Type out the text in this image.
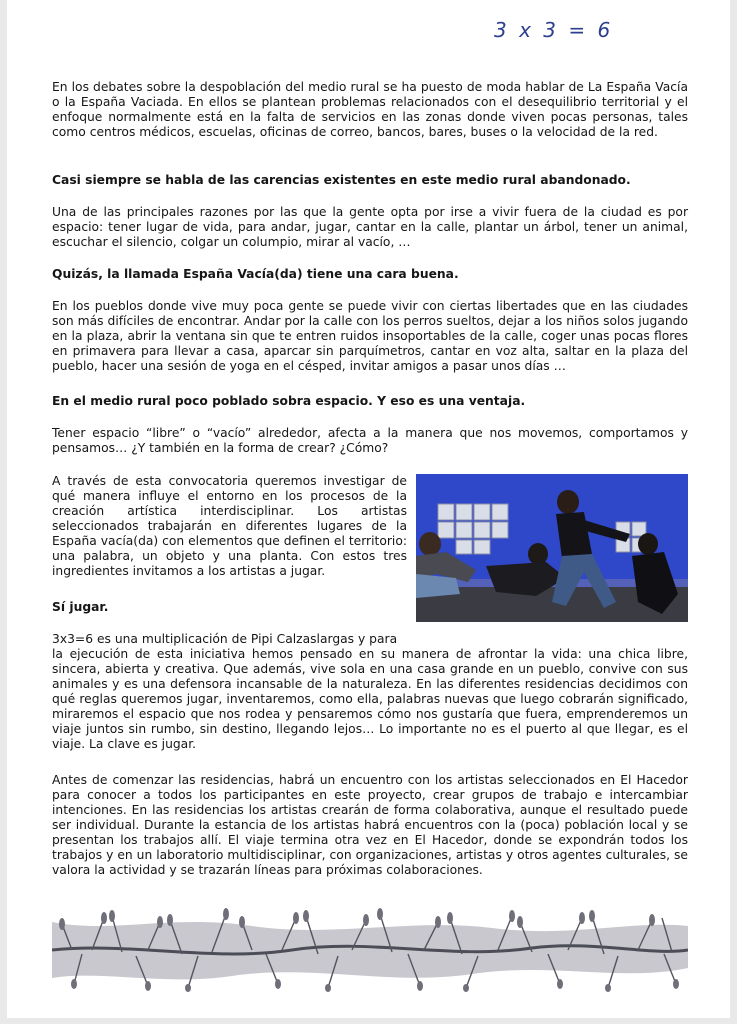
3 x 3 = 6

En los debates sobre la despoblación del medio rural se ha puesto de moda hablar de La España Vacía o la España Vaciada. En ellos se plantean problemas relacionados con el desequilibrio territorial y el enfoque normalmente está en la falta de servicios en las zonas donde viven pocas personas, tales como centros médicos, escuelas, oficinas de correo, bancos, bares, buses o la velocidad de la red.

Casi siempre se habla de las carencias existentes en este medio rural abandonado.

Una de las principales razones por las que la gente opta por irse a vivir fuera de la ciudad es por espacio: tener lugar de vida, para andar, jugar, cantar en la calle, plantar un árbol, tener un animal, escuchar el silencio, colgar un columpio, mirar al vacío, …

Quizás, la llamada España Vacía(da) tiene una cara buena.

En los pueblos donde vive muy poca gente se puede vivir con ciertas libertades que en las ciudades son más difíciles de encontrar. Andar por la calle con los perros sueltos, dejar a los niños solos jugando en la plaza, abrir la ventana sin que te entren ruidos insoportables de la calle, coger unas pocas flores en primavera para llevar a casa, aparcar sin parquímetros, cantar en voz alta, saltar en la plaza del pueblo, hacer una sesión de yoga en el césped, invitar amigos a pasar unos días …

En el medio rural poco poblado sobra espacio. Y eso es una ventaja.

Tener espacio “libre” o “vacío” alrededor, afecta a la manera que nos movemos, comportamos y pensamos… ¿Y también en la forma de crear? ¿Cómo?

A través de esta convocatoria queremos investigar de qué manera influye el entorno en los procesos de la creación artística interdisciplinar. Los artistas seleccionados trabajarán en diferentes lugares de la España vacía(da) con elementos que definen el territorio: una palabra, un objeto y una planta. Con estos tres ingredientes invitamos a los artistas a jugar.

Sí jugar.

3x3=6 es una multiplicación de Pipi Calzaslargas y para

la ejecución de esta iniciativa hemos pensado en su manera de afrontar la vida: una chica libre, sincera, abierta y creativa. Que además, vive sola en una casa grande en un pueblo, convive con sus animales y es una defensora incansable de la naturaleza. En las diferentes residencias decidimos con qué reglas queremos jugar, inventaremos, como ella, palabras nuevas que luego cobrarán significado, miraremos el espacio que nos rodea y pensaremos cómo nos gustaría que fuera, emprenderemos un viaje juntos sin rumbo, sin destino, llegando lejos… Lo importante no es el puerto al que llegar, es el viaje. La clave es jugar.

Antes de comenzar las residencias, habrá un encuentro con los artistas seleccionados en El Hacedor para conocer a todos los participantes en este proyecto, crear grupos de trabajo e intercambiar intenciones. En las residencias los artistas crearán de forma colaborativa, aunque el resultado puede ser individual. Durante la estancia de los artistas habrá encuentros con la (poca) población local y se presentan los trabajos allí. El viaje termina otra vez en El Hacedor, donde se expondrán todos los trabajos y en un laboratorio multidisciplinar, con organizaciones, artistas y otros agentes culturales, se valora la actividad y se trazarán líneas para próximas colaboraciones.
